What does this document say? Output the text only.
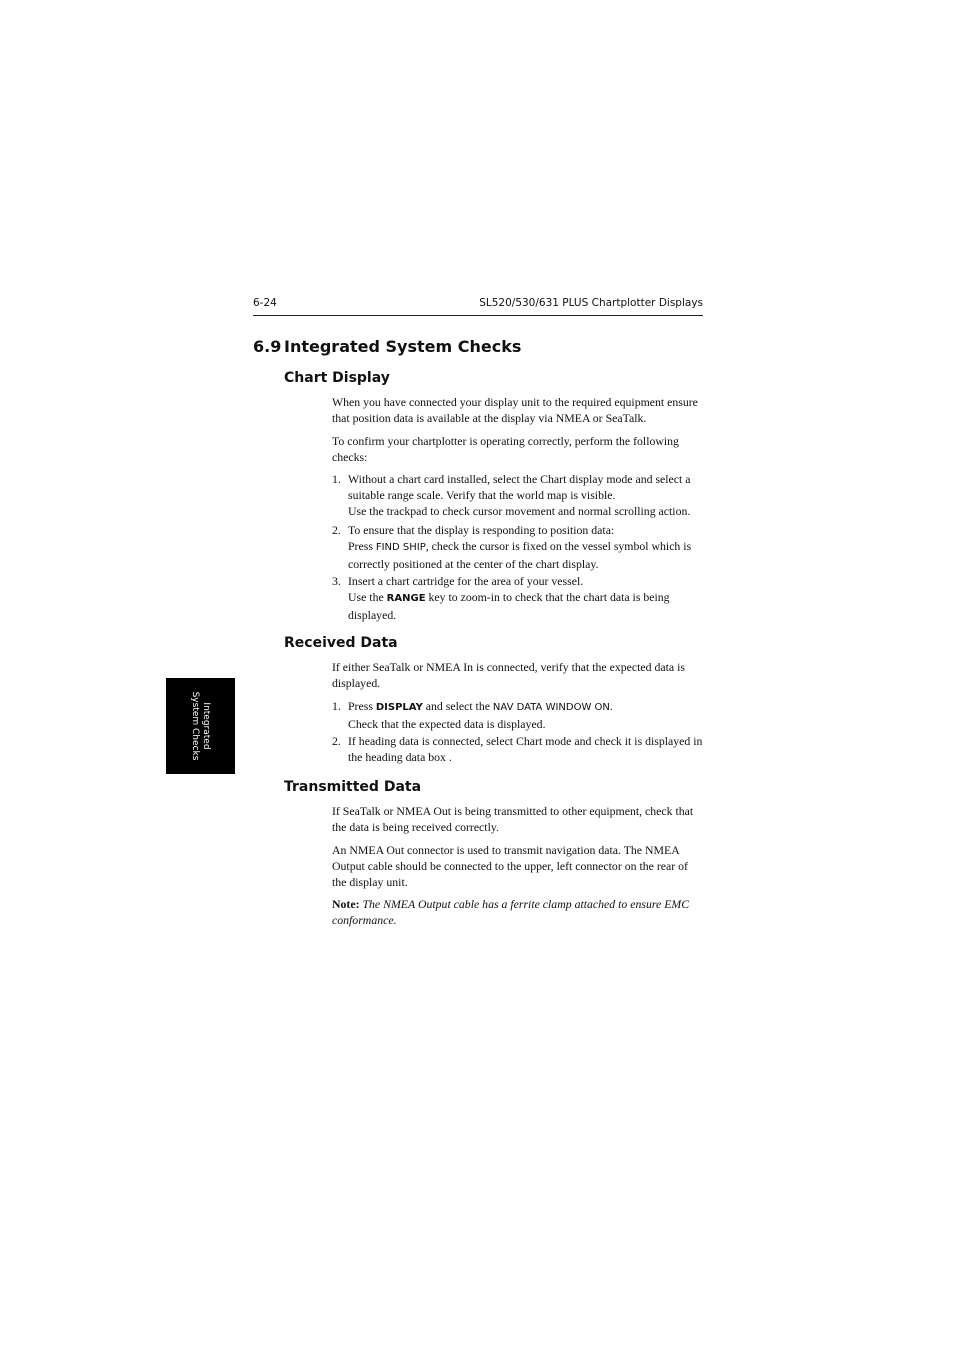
6-24	SL520/530/631 PLUS Chartplotter Displays
Integrated System Checks
6.9 Integrated System Checks
Chart Display
When you have connected your display unit to the required equipment ensure that position data is available at the display via NMEA or SeaTalk.
To confirm your chartplotter is operating correctly, perform the following checks:
1. Without a chart card installed, select the Chart display mode and select a suitable range scale. Verify that the world map is visible.
Use the trackpad to check cursor movement and normal scrolling action.
2. To ensure that the display is responding to position data:
Press FIND SHIP, check the cursor is fixed on the vessel symbol which is correctly positioned at the center of the chart display.
3. Insert a chart cartridge for the area of your vessel.
Use the RANGE key to zoom-in to check that the chart data is being displayed.
Received Data
If either SeaTalk or NMEA In is connected, verify that the expected data is displayed.
1. Press DISPLAY and select the NAV DATA WINDOW ON.
Check that the expected data is displayed.
2. If heading data is connected, select Chart mode and check it is displayed in the heading data box .
Transmitted Data
If SeaTalk or NMEA Out is being transmitted to other equipment, check that the data is being received correctly.
An NMEA Out connector is used to transmit navigation data. The NMEA Output cable should be connected to the upper, left connector on the rear of the display unit.
Note: The NMEA Output cable has a ferrite clamp attached to ensure EMC conformance.
